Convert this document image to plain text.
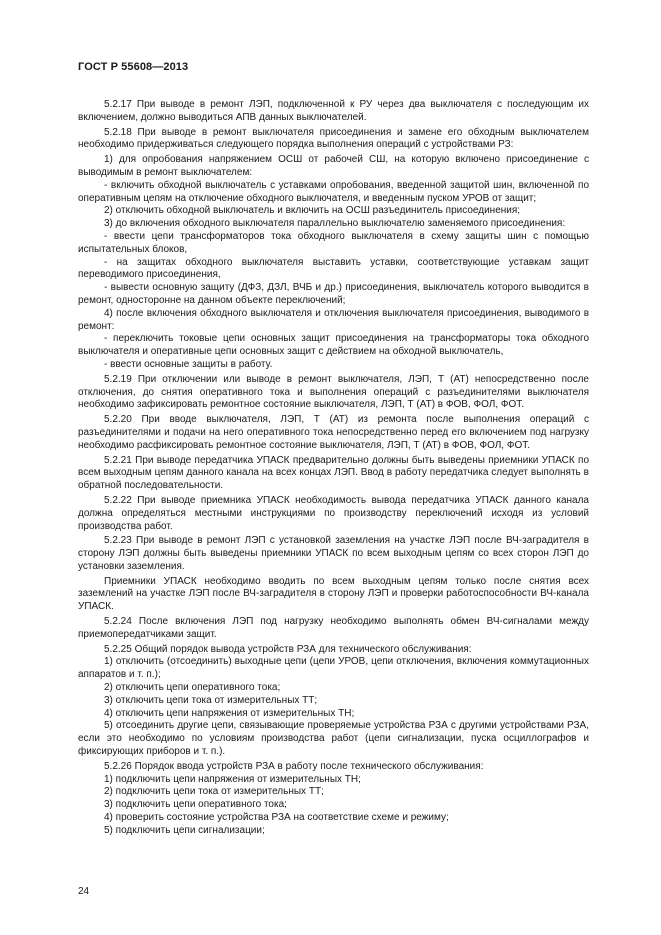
ГОСТ Р 55608—2013

5.2.17 При выводе в ремонт ЛЭП, подключенной к РУ через два выключателя с последующим их включением, должно выводиться АПВ данных выключателей.

5.2.18 При выводе в ремонт выключателя присоединения и замене его обходным выключателем необходимо придерживаться следующего порядка выполнения операций с устройствами РЗ:

1) для опробования напряжением ОСШ от рабочей СШ, на которую включено присоединение с выводимым в ремонт выключателем:

- включить обходной выключатель с уставками опробования, введенной защитой шин, включенной по оперативным цепям на отключение обходного выключателя, и введенным пуском УРОВ от защит;

2) отключить обходной выключатель и включить на ОСШ разъединитель присоединения;

3) до включения обходного выключателя параллельно выключателю заменяемого присоединения:

- ввести цепи трансформаторов тока обходного выключателя в схему защиты шин с помощью испытательных блоков,

- на защитах обходного выключателя выставить уставки, соответствующие уставкам защит переводимого присоединения,

- вывести основную защиту (ДФЗ, ДЗЛ, ВЧБ и др.) присоединения, выключатель которого выводится в ремонт, односторонне на данном объекте переключений;

4) после включения обходного выключателя и отключения выключателя присоединения, выводимого в ремонт:

- переключить токовые цепи основных защит присоединения на трансформаторы тока обходного выключателя и оперативные цепи основных защит с действием на обходной выключатель,

- ввести основные защиты в работу.

5.2.19 При отключении или выводе в ремонт выключателя, ЛЭП, Т (АТ) непосредственно после отключения, до снятия оперативного тока и выполнения операций с разъединителями выключателя необходимо зафиксировать ремонтное состояние выключателя, ЛЭП, Т (АТ) в ФОВ, ФОЛ, ФОТ.

5.2.20 При вводе выключателя, ЛЭП, Т (АТ) из ремонта после выполнения операций с разъединителями и подачи на него оперативного тока непосредственно перед его включением под нагрузку необходимо расфиксировать ремонтное состояние выключателя, ЛЭП, Т (АТ) в ФОВ, ФОЛ, ФОТ.

5.2.21 При выводе передатчика УПАСК предварительно должны быть выведены приемники УПАСК по всем выходным цепям данного канала на всех концах ЛЭП. Ввод в работу передатчика следует выполнять в обратной последовательности.

5.2.22 При выводе приемника УПАСК необходимость вывода передатчика УПАСК данного канала должна определяться местными инструкциями по производству переключений исходя из условий производства работ.

5.2.23 При выводе в ремонт ЛЭП с установкой заземления на участке ЛЭП после ВЧ-заградителя в сторону ЛЭП должны быть выведены приемники УПАСК по всем выходным цепям со всех сторон ЛЭП до установки заземления.

Приемники УПАСК необходимо вводить по всем выходным цепям только после снятия всех заземлений на участке ЛЭП после ВЧ-заградителя в сторону ЛЭП и проверки работоспособности ВЧ-канала УПАСК.

5.2.24 После включения ЛЭП под нагрузку необходимо выполнять обмен ВЧ-сигналами между приемопередатчиками защит.

5.2.25 Общий порядок вывода устройств РЗА для технического обслуживания:

1) отключить (отсоединить) выходные цепи (цепи УРОВ, цепи отключения, включения коммутационных аппаратов и т. п.);

2) отключить цепи оперативного тока;

3) отключить цепи тока от измерительных ТТ;

4) отключить цепи напряжения от измерительных ТН;

5) отсоединить другие цепи, связывающие проверяемые устройства РЗА с другими устройствами РЗА, если это необходимо по условиям производства работ (цепи сигнализации, пуска осциллографов и фиксирующих приборов и т. п.).

5.2.26 Порядок ввода устройств РЗА в работу после технического обслуживания:

1) подключить цепи напряжения от измерительных ТН;

2) подключить цепи тока от измерительных ТТ;

3) подключить цепи оперативного тока;

4) проверить состояние устройства РЗА на соответствие схеме и режиму;

5) подключить цепи сигнализации;

24
